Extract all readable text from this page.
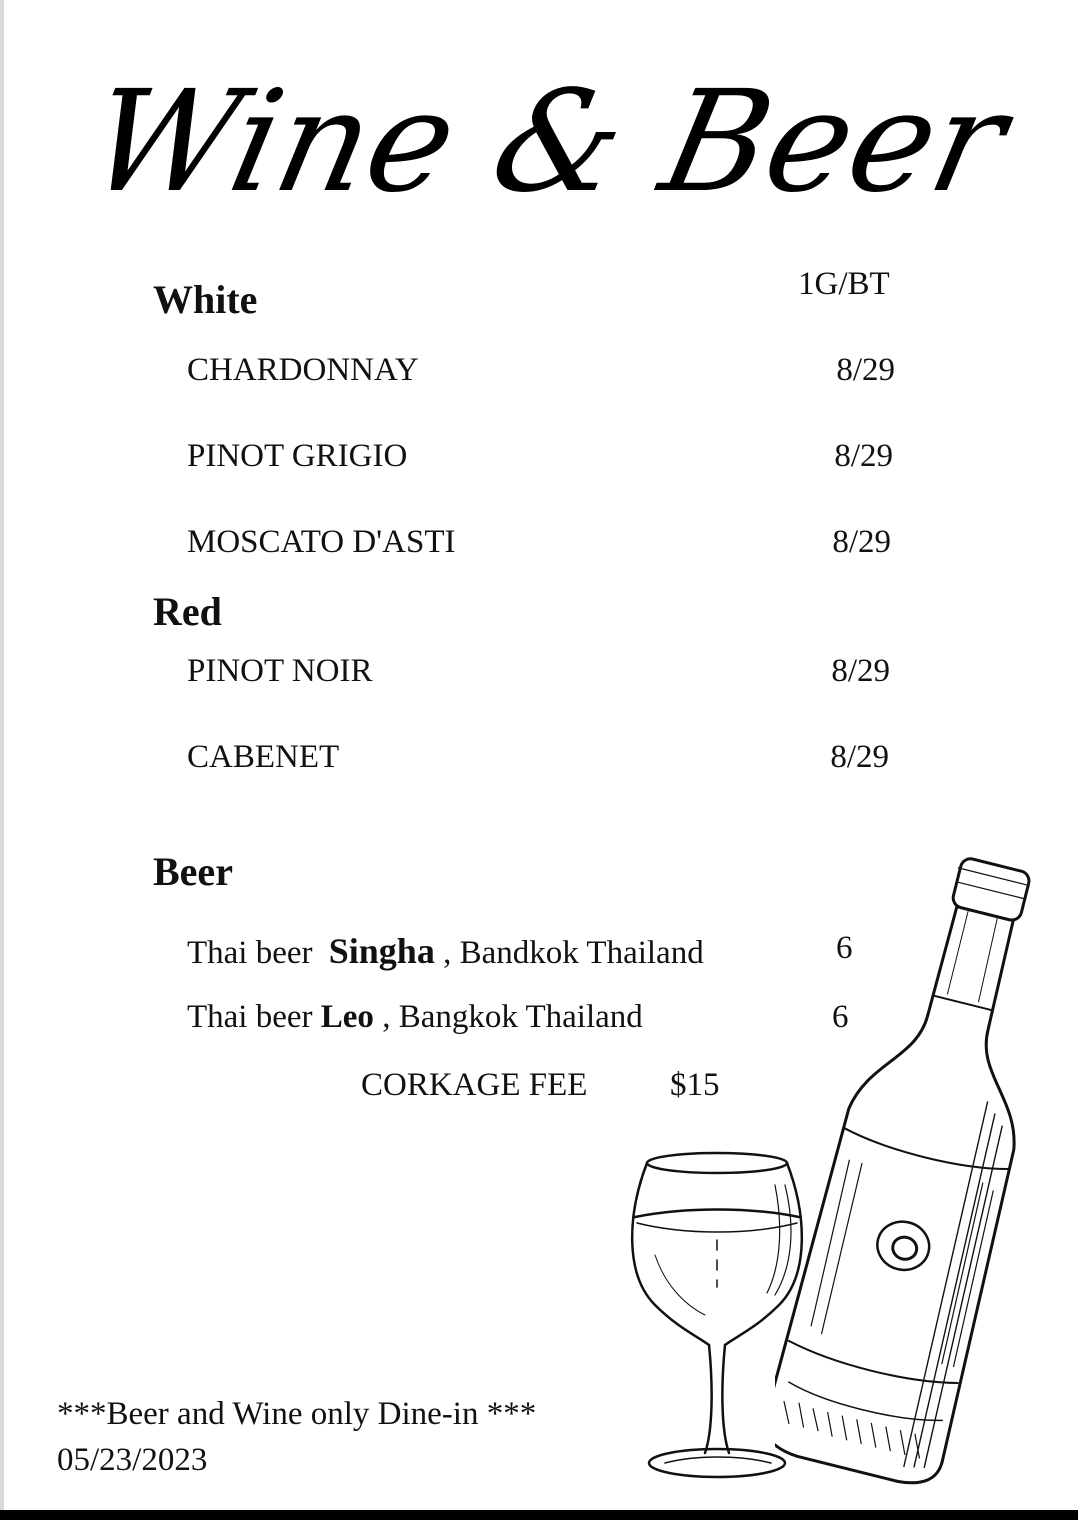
Wine & Beer
1G/BT
White
CHARDONNAY	8/29
PINOT GRIGIO	8/29
MOSCATO D'ASTI	8/29
Red
PINOT NOIR	8/29
CABENET	8/29
Beer
Thai beer Singha , Bandkok Thailand	6
Thai beer Leo , Bangkok Thailand	6
CORKAGE FEE	$15
***Beer and Wine only Dine-in ***
05/23/2023
